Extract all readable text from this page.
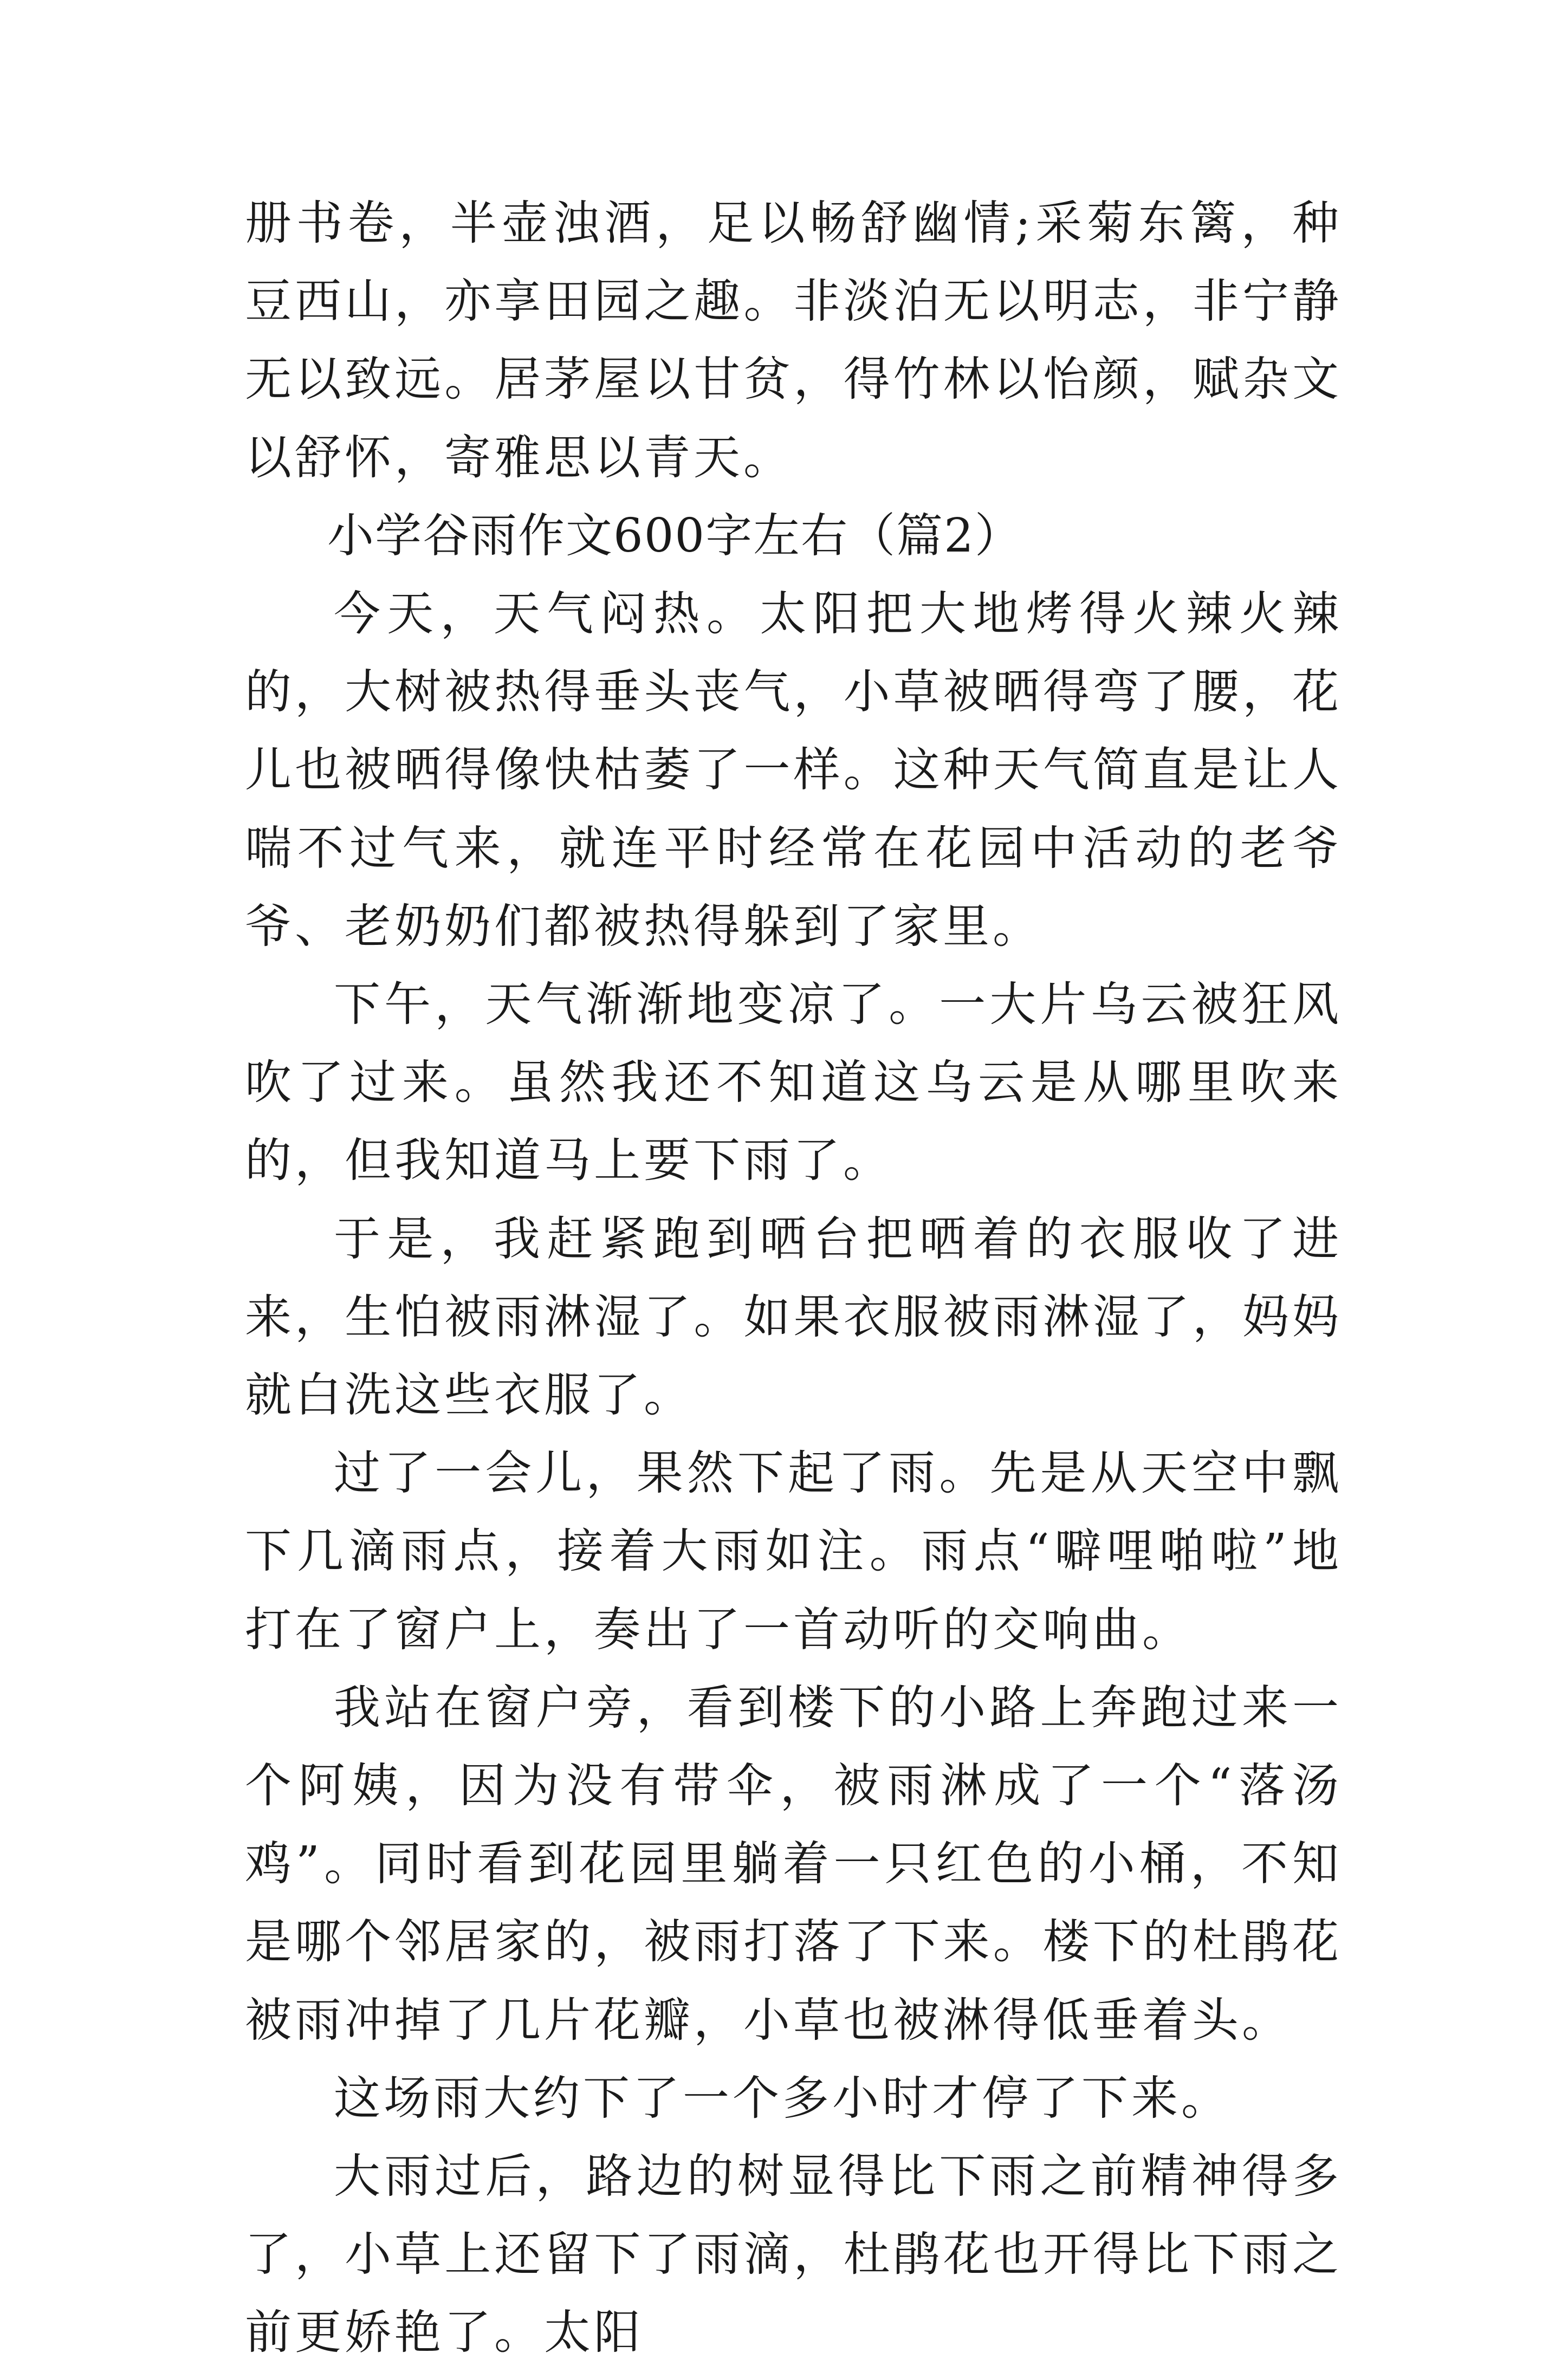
册书卷，半壶浊酒，足以畅舒幽情;采菊东篱，种豆西山，亦享田园之趣。非淡泊无以明志，非宁静无以致远。居茅屋以甘贫，得竹林以怡颜，赋杂文以舒怀，寄雅思以青天。

小学谷雨作文600字左右（篇2）

今天，天气闷热。太阳把大地烤得火辣火辣的，大树被热得垂头丧气，小草被晒得弯了腰，花儿也被晒得像快枯萎了一样。这种天气简直是让人喘不过气来，就连平时经常在花园中活动的老爷爷、老奶奶们都被热得躲到了家里。

下午，天气渐渐地变凉了。一大片乌云被狂风吹了过来。虽然我还不知道这乌云是从哪里吹来的，但我知道马上要下雨了。

于是，我赶紧跑到晒台把晒着的衣服收了进来，生怕被雨淋湿了。如果衣服被雨淋湿了，妈妈就白洗这些衣服了。

过了一会儿，果然下起了雨。先是从天空中飘下几滴雨点，接着大雨如注。雨点“噼哩啪啦”地打在了窗户上，奏出了一首动听的交响曲。

我站在窗户旁，看到楼下的小路上奔跑过来一个阿姨，因为没有带伞，被雨淋成了一个“落汤鸡”。同时看到花园里躺着一只红色的小桶，不知是哪个邻居家的，被雨打落了下来。楼下的杜鹃花被雨冲掉了几片花瓣，小草也被淋得低垂着头。

这场雨大约下了一个多小时才停了下来。

大雨过后，路边的树显得比下雨之前精神得多了，小草上还留下了雨滴，杜鹃花也开得比下雨之前更娇艳了。太阳
